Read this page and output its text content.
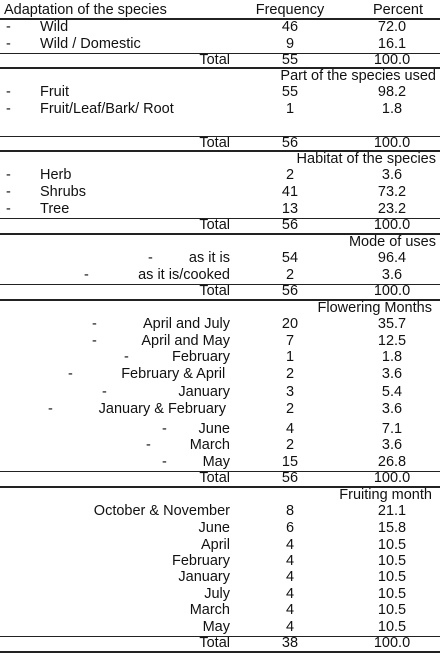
Adaptation of the species	Frequency	Percent
- Wild	46	72.0
- Wild / Domestic	9	16.1
Total	55	100.0
Part of the species used
- Fruit	55	98.2
- Fruit/Leaf/Bark/ Root	1	1.8
Total	56	100.0
Habitat of the species
- Herb	2	3.6
- Shrubs	41	73.2
- Tree	13	23.2
Total	56	100.0
Mode of uses
- as it is	54	96.4
-	as it is/cooked	2	3.6
Total	56	100.0
Flowering Months
-	April and July	20	35.7
-	April and May	7	12.5
-	February	1	1.8
-	February & April	2	3.6
-	January	3	5.4
-	January & February	2	3.6
- June	4	7.1
-	March	2	3.6
- May	15	26.8
Total	56	100.0
Fruiting month
October & November	8	21.1
June	6	15.8
April	4	10.5
February	4	10.5
January	4	10.5
July	4	10.5
March	4	10.5
May	4	10.5
Total	38	100.0
